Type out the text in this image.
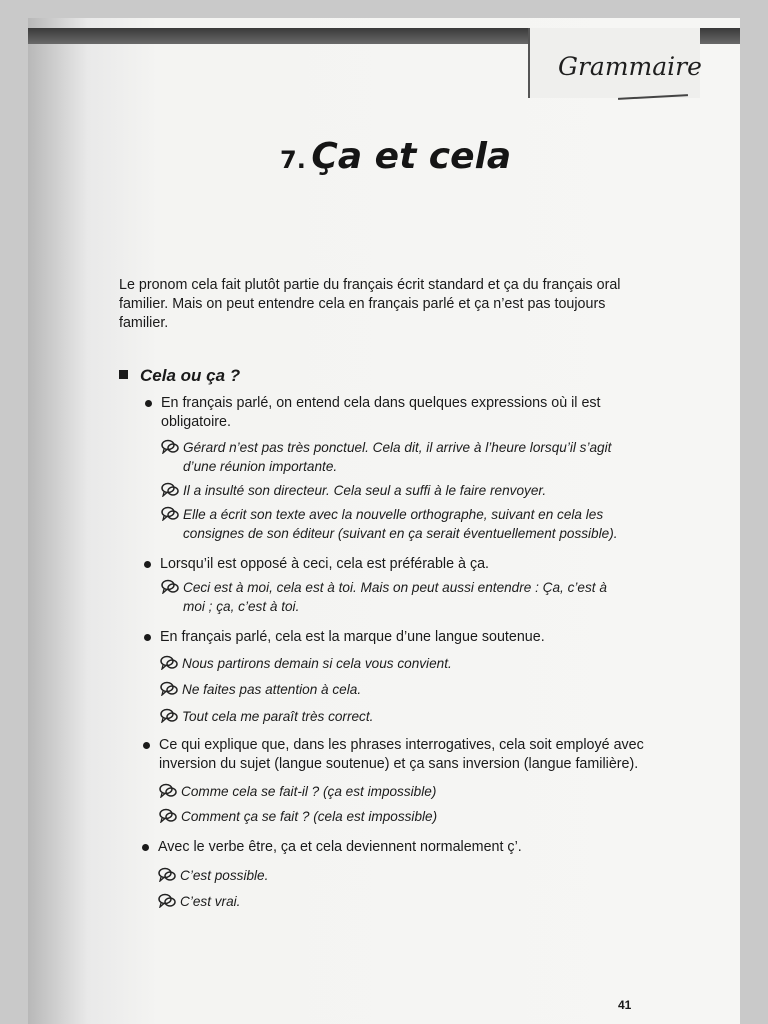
Grammaire
7. Ça et cela
Le pronom cela fait plutôt partie du français écrit standard et ça du français oral
familier. Mais on peut entendre cela en français parlé et ça n’est pas toujours
familier.
Cela ou ça ?
En français parlé, on entend cela dans quelques expressions où il est
obligatoire.
Gérard n’est pas très ponctuel. Cela dit, il arrive à l’heure lorsqu’il s’agit
d’une réunion importante.
Il a insulté son directeur. Cela seul a suffi à le faire renvoyer.
Elle a écrit son texte avec la nouvelle orthographe, suivant en cela les
consignes de son éditeur (suivant en ça serait éventuellement possible).
Lorsqu’il est opposé à ceci, cela est préférable à ça.
Ceci est à moi, cela est à toi. Mais on peut aussi entendre : Ça, c’est à
moi ; ça, c’est à toi.
En français parlé, cela est la marque d’une langue soutenue.
Nous partirons demain si cela vous convient.
Ne faites pas attention à cela.
Tout cela me paraît très correct.
Ce qui explique que, dans les phrases interrogatives, cela soit employé avec
inversion du sujet (langue soutenue) et ça sans inversion (langue familière).
Comme cela se fait-il ? (ça est impossible)
Comment ça se fait ? (cela est impossible)
Avec le verbe être, ça et cela deviennent normalement ç’.
C’est possible.
C’est vrai.
41
